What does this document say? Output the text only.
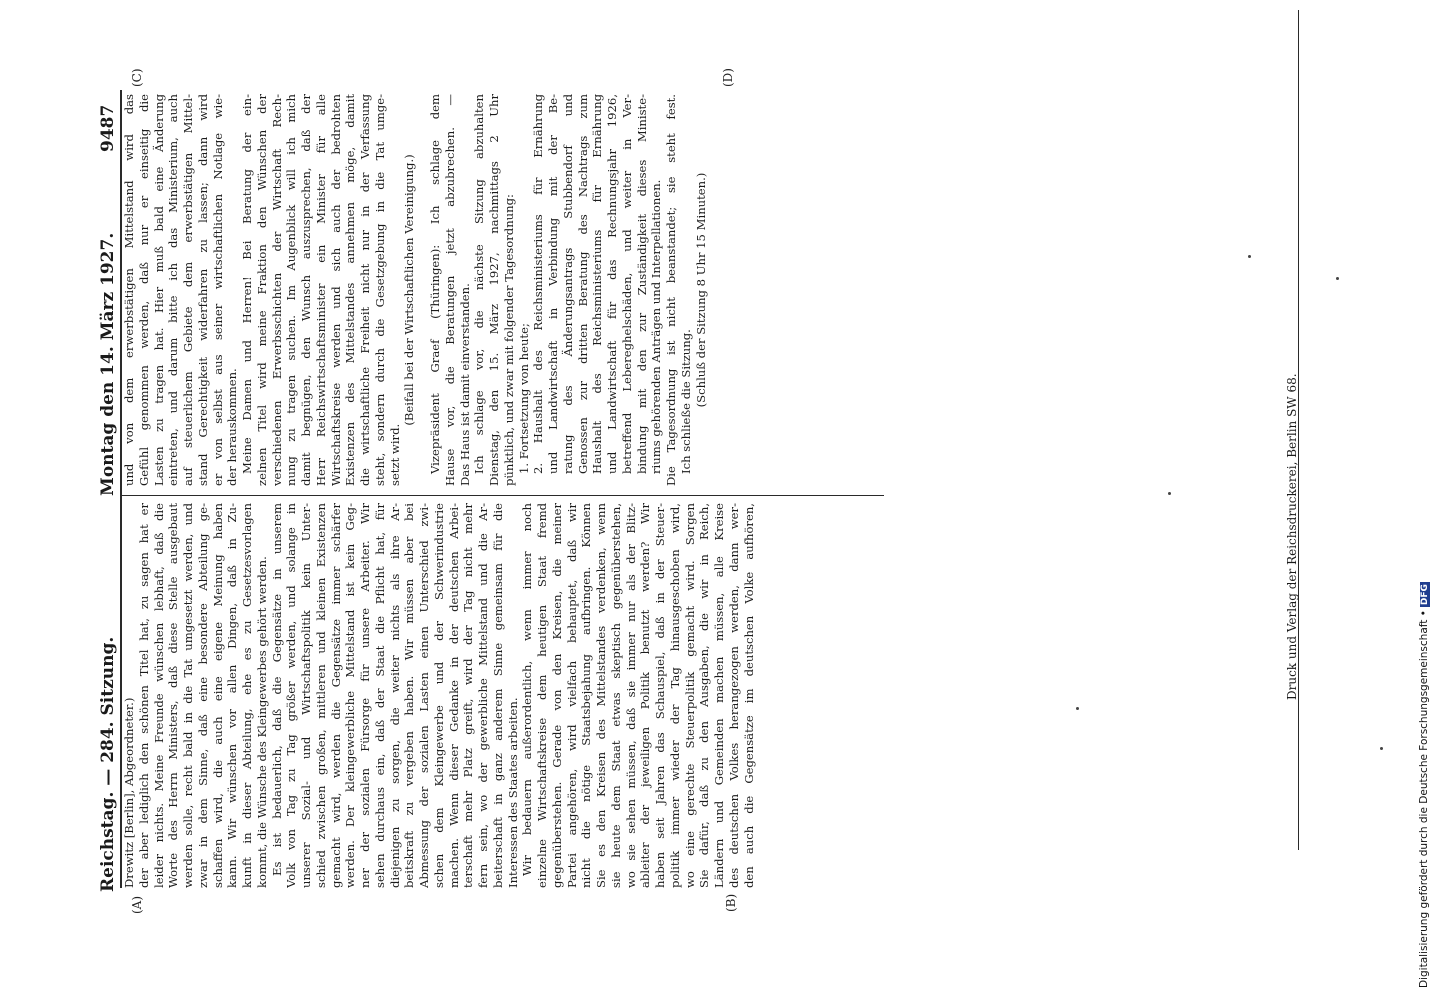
Reichstag. — 284. Sitzung.
Montag den 14. März 1927.
9487
(A)	(B)
(C)	(D)
Drewitz [Berlin], Abgeordneter.) der aber lediglich den schönen Titel hat, zu sagen hat er leider nichts. Meine Freunde wünschen lebhaft, daß die Worte des Herrn Ministers, daß diese Stelle ausgebaut werden solle, recht bald in die Tat umgesetzt werden, und zwar in dem Sinne, daß eine besondere Abteilung ge- schaffen wird, die auch eine eigene Meinung haben kann. Wir wünschen vor allen Dingen, daß in Zu- kunft in dieser Abteilung, ehe es zu Gesetzesvorlagen kommt, die Wünsche des Kleingewerbes gehört werden. Es ist bedauerlich, daß die Gegensätze in unserem Volk von Tag zu Tag größer werden, und solange in unserer Sozial- und Wirtschaftspolitik kein Unter- schied zwischen großen, mittleren und kleinen Existenzen gemacht wird, werden die Gegensätze immer schärfer werden. Der kleingewerbliche Mittelstand ist kein Geg- ner der sozialen Fürsorge für unsere Arbeiter. Wir sehen durchaus ein, daß der Staat die Pflicht hat, für diejenigen zu sorgen, die weiter nichts als ihre Ar- beitskraft zu vergeben haben. Wir müssen aber bei Abmessung der sozialen Lasten einen Unterschied zwi- schen dem Kleingewerbe und der Schwerindustrie machen. Wenn dieser Gedanke in der deutschen Arbei- terschaft mehr Platz greift, wird der Tag nicht mehr fern sein, wo der gewerbliche Mittelstand und die Ar- beiterschaft in ganz anderem Sinne gemeinsam für die Interessen des Staates arbeiten. Wir bedauern außerordentlich, wenn immer noch einzelne Wirtschaftskreise dem heutigen Staat fremd gegenüberstehen. Gerade von den Kreisen, die meiner Partei angehören, wird vielfach behauptet, daß wir nicht die nötige Staatsbejahung aufbringen. Können Sie es den Kreisen des Mittelstandes verdenken, wenn sie heute dem Staat etwas skeptisch gegenüberstehen, wo sie sehen müssen, daß sie immer nur als der Blitz- ableiter der jeweiligen Politik benutzt werden? Wir haben seit Jahren das Schauspiel, daß in der Steuer- politik immer wieder der Tag hinausgeschoben wird, wo eine gerechte Steuerpolitik gemacht wird. Sorgen Sie dafür, daß zu den Ausgaben, die wir in Reich, Ländern und Gemeinden machen müssen, alle Kreise des deutschen Volkes herangezogen werden, dann wer- den auch die Gegensätze im deutschen Volke aufhören,
und von dem erwerbstätigen Mittelstand wird das Gefühl genommen werden, daß nur er einseitig die Lasten zu tragen hat. Hier muß bald eine Änderung eintreten, und darum bitte ich das Ministerium, auch auf steuerlichem Gebiete dem erwerbstätigen Mittel- stand Gerechtigkeit widerfahren zu lassen; dann wird er von selbst aus seiner wirtschaftlichen Notlage wie- der herauskommen. Meine Damen und Herren! Bei Beratung der ein- zelnen Titel wird meine Fraktion den Wünschen der verschiedenen Erwerbsschichten der Wirtschaft Rech- nung zu tragen suchen. Im Augenblick will ich mich damit begnügen, den Wunsch auszusprechen, daß der Herr Reichswirtschaftsminister ein Minister für alle Wirtschaftskreise werden und sich auch der bedrohten Existenzen des Mittelstandes annehmen möge, damit die wirtschaftliche Freiheit nicht nur in der Verfassung steht, sondern durch die Gesetzgebung in die Tat umge- setzt wird.
(Beifall bei der Wirtschaftlichen Vereinigung.) Vizepräsident Graef (Thüringen): Ich schlage dem Hause vor, die Beratungen jetzt abzubrechen. — Das Haus ist damit einverstanden. Ich schlage vor, die nächste Sitzung abzuhalten Dienstag, den 15. März 1927, nachmittags 2 Uhr pünktlich, und zwar mit folgender Tagesordnung: 1. Fortsetzung von heute; 2. Haushalt des Reichsministeriums für Ernährung und Landwirtschaft in Verbindung mit der Be- ratung des Änderungsantrags Stubbendorf und Genossen zur dritten Beratung des Nachtrags zum Haushalt des Reichsministeriums für Ernährung und Landwirtschaft für das Rechnungsjahr 1926, betreffend Lebereghelschäden, und weiter in Ver- bindung mit den zur Zuständigkeit dieses Ministe- riums gehörenden Anträgen und Interpellationen. Die Tagesordnung ist nicht beanstandet; sie steht fest. Ich schließe die Sitzung. (Schluß der Sitzung 8 Uhr 15 Minuten.)
Druck und Verlag der Reichsdruckerei, Berlin SW 68.
Digitalisierung gefördert durch die Deutsche Forschungsgemeinschaft •DFG
